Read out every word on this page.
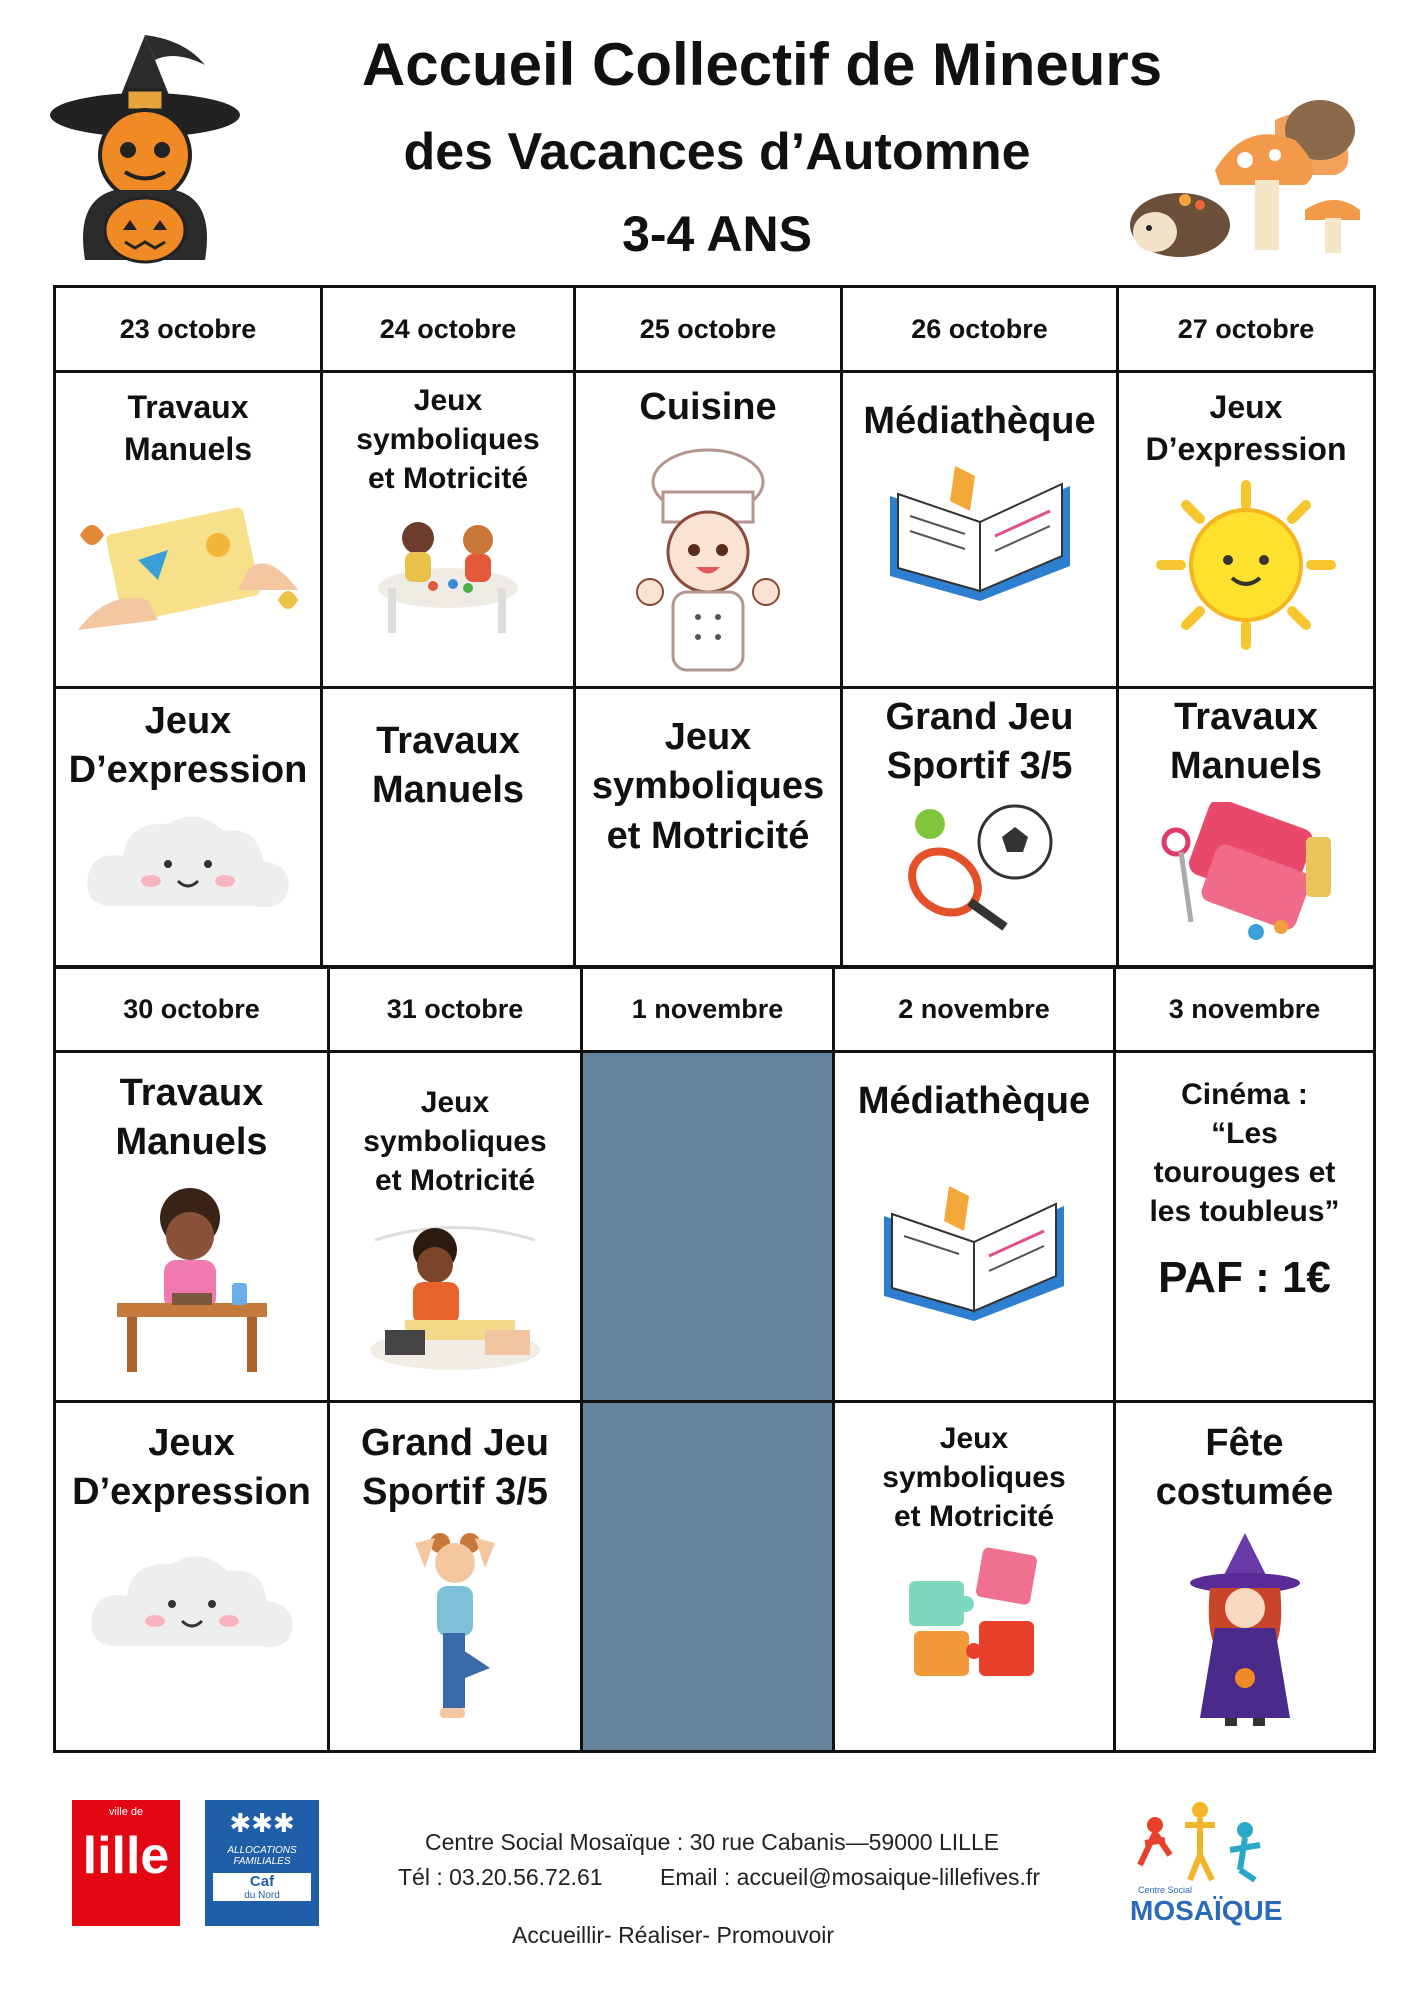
Accueil Collectif de Mineurs
des Vacances d’Automne
3-4 ANS
23 octobre	24 octobre	25 octobre	26 octobre	27 octobre

Travaux
Manuels	Jeux
symboliques
et Motricité	Cuisine	Médiathèque	Jeux
D’expression

Jeux
D’expression	Travaux
Manuels	Jeux
symboliques
et Motricité	Grand Jeu
Sportif 3/5	Travaux
Manuels
30 octobre	31 octobre	1 novembre	2 novembre	3 novembre

Travaux
Manuels	Jeux
symboliques
et Motricité		Médiathèque	Cinéma :
“Les
tourouges et
les toubleus”
PAF : 1€

Jeux
D’expression	Grand Jeu
Sportif 3/5		Jeux
symboliques
et Motricité	Fête
costumée
ville de
lille
✱✱✱
ALLOCATIONS
FAMILIALES
Caf
du Nord
Centre Social Mosaïque : 30 rue Cabanis—59000 LILLE
Tél : 03.20.56.72.61 Email : accueil@mosaique-lillefives.fr
Accueillir- Réaliser- Promouvoir
Centre Social
MOSAÏQUE
